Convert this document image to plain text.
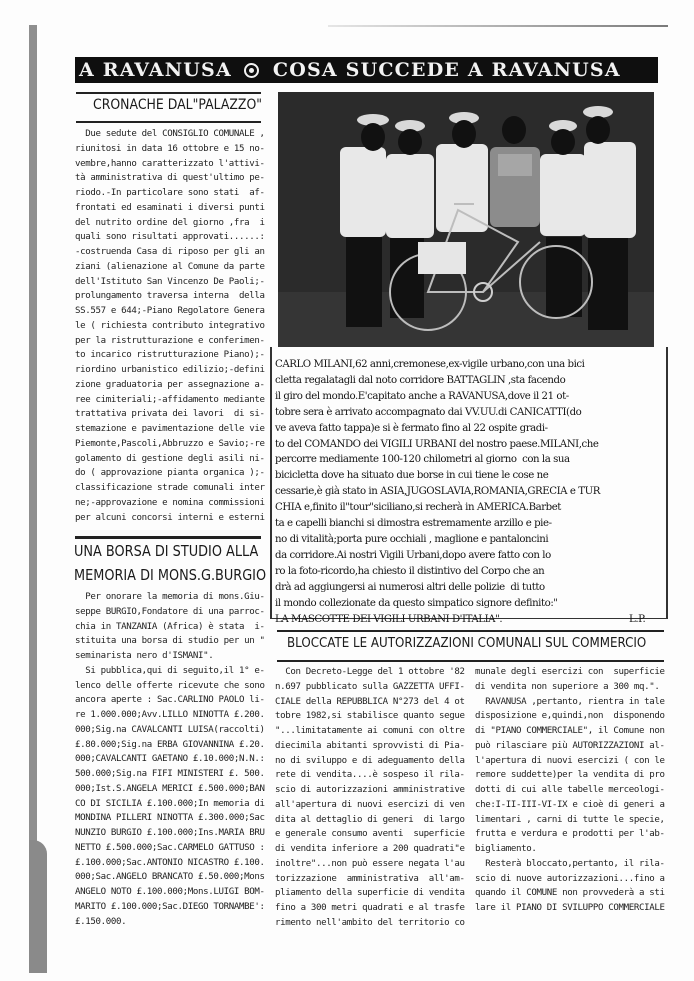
A RAVANUSA COSA SUCCEDE A RAVANUSA
CRONACHE DAL"PALAZZO"
Due sedute del CONSIGLIO COMUNALE ,
riunitosi in data 16 ottobre e 15 no-
vembre,hanno caratterizzato l'attivi-
tà amministrativa di quest'ultimo pe-
riodo.-In particolare sono stati  af-
frontati ed esaminati i diversi punti
del nutrito ordine del giorno ,fra  i
quali sono risultati approvati......:
-costruenda Casa di riposo per gli an
ziani (alienazione al Comune da parte
dell'Istituto San Vincenzo De Paoli;-
prolungamento traversa interna  della
SS.557 e 644;-Piano Regolatore Genera
le ( richiesta contributo integrativo
per la ristrutturazione e conferimen-
to incarico ristrutturazione Piano);-
riordino urbanistico edilizio;-defini
zione graduatoria per assegnazione a-
ree cimiteriali;-affidamento mediante
trattativa privata dei lavori  di si-
stemazione e pavimentazione delle vie
Piemonte,Pascoli,Abbruzzo e Savio;-re
golamento di gestione degli asili ni-
do ( approvazione pianta organica );-
classificazione strade comunali inter
ne;-approvazione e nomina commissioni
per alcuni concorsi interni e esterni
UNA BORSA DI STUDIO ALLA
MEMORIA DI MONS.G.BURGIO
Per onorare la memoria di mons.Giu-
seppe BURGIO,Fondatore di una parroc-
chia in TANZANIA (Africa) è stata  i-
stituita una borsa di studio per un "
seminarista nero d'ISMANI".
Si pubblica,qui di seguito,il 1° e-
lenco delle offerte ricevute che sono
ancora aperte : Sac.CARLINO PAOLO li-
re 1.000.000;Avv.LILLO NINOTTA £.200.
000;Sig.na CAVALCANTI LUISA(raccolti)
£.80.000;Sig.na ERBA GIOVANNINA £.20.
000;CAVALCANTI GAETANO £.10.000;N.N.:
500.000;Sig.na FIFI MINISTERI £. 500.
000;Ist.S.ANGELA MERICI £.500.000;BAN
CO DI SICILIA £.100.000;In memoria di
MONDINA PILLERI NINOTTA £.300.000;Sac
NUNZIO BURGIO £.100.000;Ins.MARIA BRU
NETTO £.500.000;Sac.CARMELO GATTUSO :
£.100.000;Sac.ANTONIO NICASTRO £.100.
000;Sac.ANGELO BRANCATO £.50.000;Mons
ANGELO NOTO £.100.000;Mons.LUIGI BOM-
MARITO £.100.000;Sac.DIEGO TORNAMBE':
£.150.000.
CARLO MILANI,62 anni,cremonese,ex-vigile urbano,con una bici
cletta regalatagli dal noto corridore BATTAGLIN ,sta facendo
il giro del mondo.E'capitato anche a RAVANUSA,dove il 21 ot-
tobre sera è arrivato accompagnato dai VV.UU.di CANICATTI(do
ve aveva fatto tappa)e si è fermato fino al 22 ospite gradi-
to del COMANDO dei VIGILI URBANI del nostro paese.MILANI,che
percorre mediamente 100-120 chilometri al giorno  con la sua
bicicletta dove ha situato due borse in cui tiene le cose ne
cessarie,è già stato in ASIA,JUGOSLAVIA,ROMANIA,GRECIA e TUR
CHIA e,finito il"tour"siciliano,si recherà in AMERICA.Barbet
ta e capelli bianchi si dimostra estremamente arzillo e pie-
no di vitalità;porta pure occhiali , maglione e pantaloncini
da corridore.Ai nostri Vigili Urbani,dopo avere fatto con lo
ro la foto-ricordo,ha chiesto il distintivo del Corpo che an
drà ad aggiungersi ai numerosi altri delle polizie  di tutto
il mondo collezionate da questo simpatico signore definito:"
LA MASCOTTE DEI VIGILI URBANI D'ITALIA".	L.P.
BLOCCATE LE AUTORIZZAZIONI COMUNALI SUL COMMERCIO
Con Decreto-Legge del 1 ottobre '82
n.697 pubblicato sulla GAZZETTA UFFI-
CIALE della REPUBBLICA N°273 del 4 ot
tobre 1982,si stabilisce quanto segue
"...limitatamente ai comuni con oltre
diecimila abitanti sprovvisti di Pia-
no di sviluppo e di adeguamento della
rete di vendita....è sospeso il rila-
scio di autorizzazioni amministrative
all'apertura di nuovi esercizi di ven
dita al dettaglio di generi  di largo
e generale consumo aventi  superficie
di vendita inferiore a 200 quadrati"e
inoltre"...non può essere negata l'au
torizzazione  amministrativa  all'am-
pliamento della superficie di vendita
fino a 300 metri quadrati e al trasfe
rimento nell'ambito del territorio co
munale degli esercizi con  superficie
di vendita non superiore a 300 mq.".
RAVANUSA ,pertanto, rientra in tale
disposizione e,quindi,non  disponendo
di "PIANO COMMERCIALE", il Comune non
può rilasciare più AUTORIZZAZIONI al-
l'apertura di nuovi esercizi ( con le
remore suddette)per la vendita di pro
dotti di cui alle tabelle merceologi-
che:I-II-III-VI-IX e cioè di generi a
limentari , carni di tutte le specie,
frutta e verdura e prodotti per l'ab-
bigliamento.
Resterà bloccato,pertanto, il rila-
scio di nuove autorizzazioni...fino a
quando il COMUNE non provvederà a sti
lare il PIANO DI SVILUPPO COMMERCIALE
